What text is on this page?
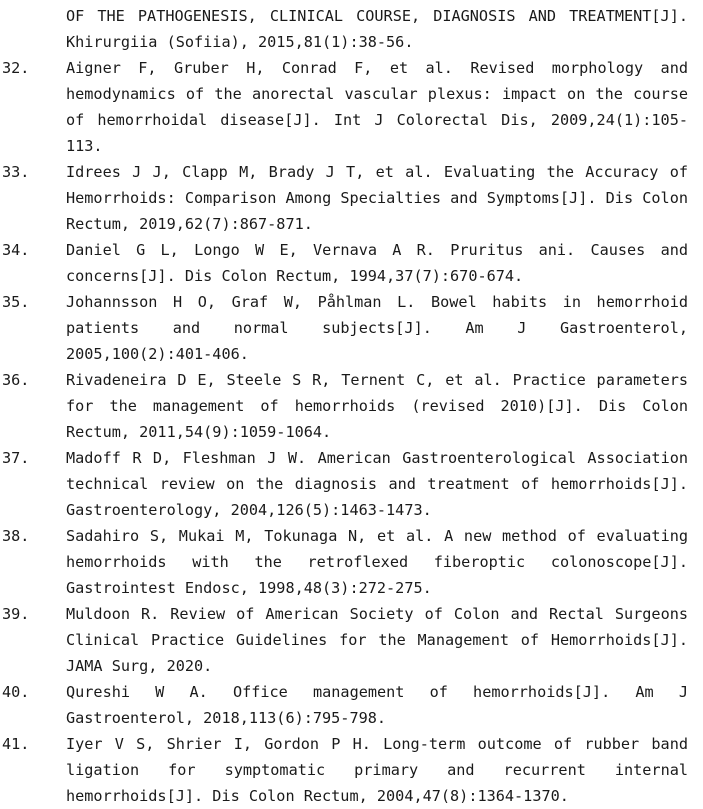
OF THE PATHOGENESIS, CLINICAL COURSE, DIAGNOSIS AND TREATMENT[J]. Khirurgiia (Sofiia), 2015,81(1):38-56.
32.	Aigner F, Gruber H, Conrad F, et al. Revised morphology and hemodynamics of the anorectal vascular plexus: impact on the course of hemorrhoidal disease[J]. Int J Colorectal Dis, 2009,24(1):105-113.
33.	Idrees J J, Clapp M, Brady J T, et al. Evaluating the Accuracy of Hemorrhoids: Comparison Among Specialties and Symptoms[J]. Dis Colon Rectum, 2019,62(7):867-871.
34.	Daniel G L, Longo W E, Vernava A R. Pruritus ani. Causes and concerns[J]. Dis Colon Rectum, 1994,37(7):670-674.
35.	Johannsson H O, Graf W, Påhlman L. Bowel habits in hemorrhoid patients and normal subjects[J]. Am J Gastroenterol, 2005,100(2):401-406.
36.	Rivadeneira D E, Steele S R, Ternent C, et al. Practice parameters for the management of hemorrhoids (revised 2010)[J]. Dis Colon Rectum, 2011,54(9):1059-1064.
37.	Madoff R D, Fleshman J W. American Gastroenterological Association technical review on the diagnosis and treatment of hemorrhoids[J]. Gastroenterology, 2004,126(5):1463-1473.
38.	Sadahiro S, Mukai M, Tokunaga N, et al. A new method of evaluating hemorrhoids with the retroflexed fiberoptic colonoscope[J]. Gastrointest Endosc, 1998,48(3):272-275.
39.	Muldoon R. Review of American Society of Colon and Rectal Surgeons Clinical Practice Guidelines for the Management of Hemorrhoids[J]. JAMA Surg, 2020.
40.	Qureshi W A. Office management of hemorrhoids[J]. Am J Gastroenterol, 2018,113(6):795-798.
41.	Iyer V S, Shrier I, Gordon P H. Long-term outcome of rubber band ligation for symptomatic primary and recurrent internal hemorrhoids[J]. Dis Colon Rectum, 2004,47(8):1364-1370.
